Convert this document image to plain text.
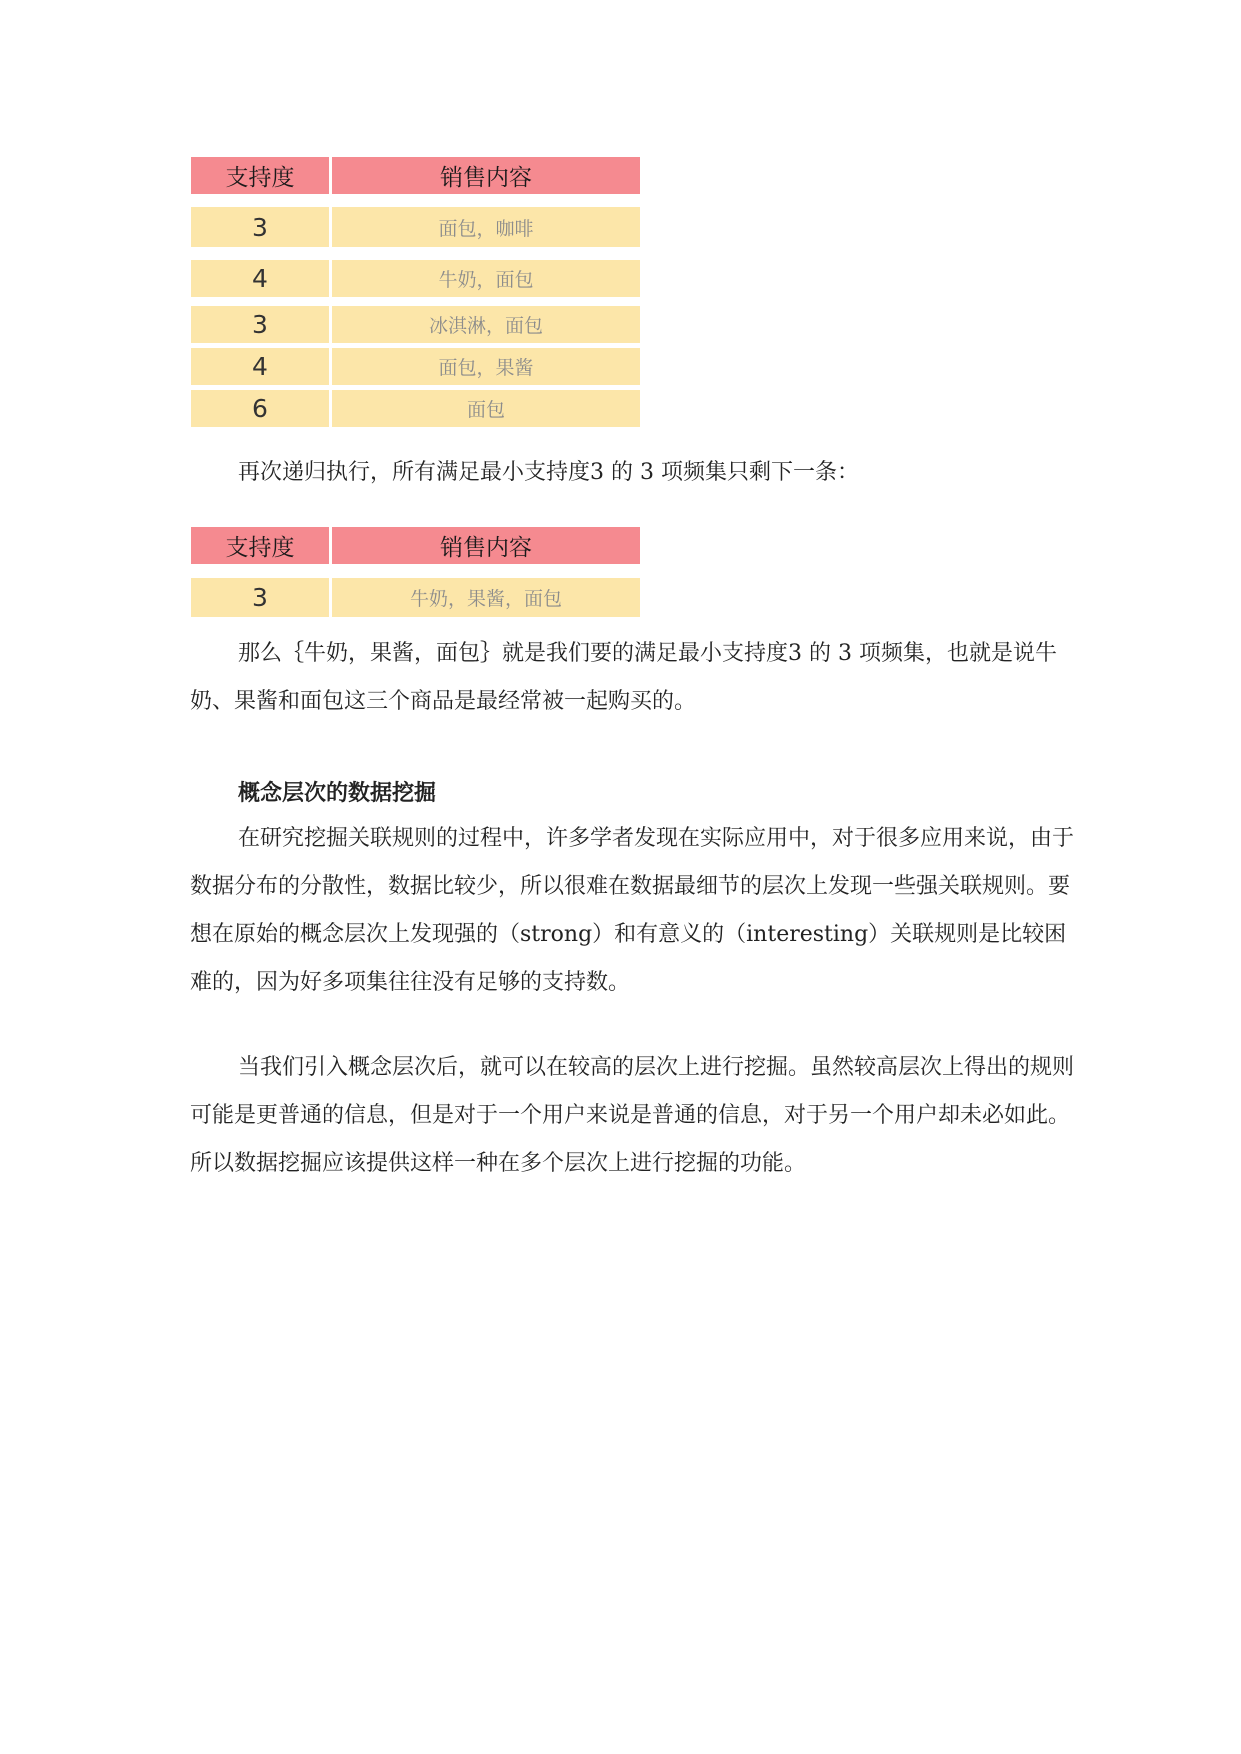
支持度	销售内容
3	面包，咖啡
4	牛奶，面包
3	冰淇淋，面包
4	面包，果酱
6	面包

再次递归执行，所有满足最小支持度3 的 3 项频集只剩下一条：

支持度	销售内容
3	牛奶，果酱，面包

那么｛牛奶，果酱，面包｝就是我们要的满足最小支持度3 的 3 项频集，也就是说牛奶、果酱和面包这三个商品是最经常被一起购买的。

概念层次的数据挖掘

在研究挖掘关联规则的过程中，许多学者发现在实际应用中，对于很多应用来说，由于数据分布的分散性，数据比较少，所以很难在数据最细节的层次上发现一些强关联规则。要想在原始的概念层次上发现强的（strong）和有意义的（interesting）关联规则是比较困难的，因为好多项集往往没有足够的支持数。

当我们引入概念层次后，就可以在较高的层次上进行挖掘。虽然较高层次上得出的规则可能是更普通的信息，但是对于一个用户来说是普通的信息，对于另一个用户却未必如此。所以数据挖掘应该提供这样一种在多个层次上进行挖掘的功能。
